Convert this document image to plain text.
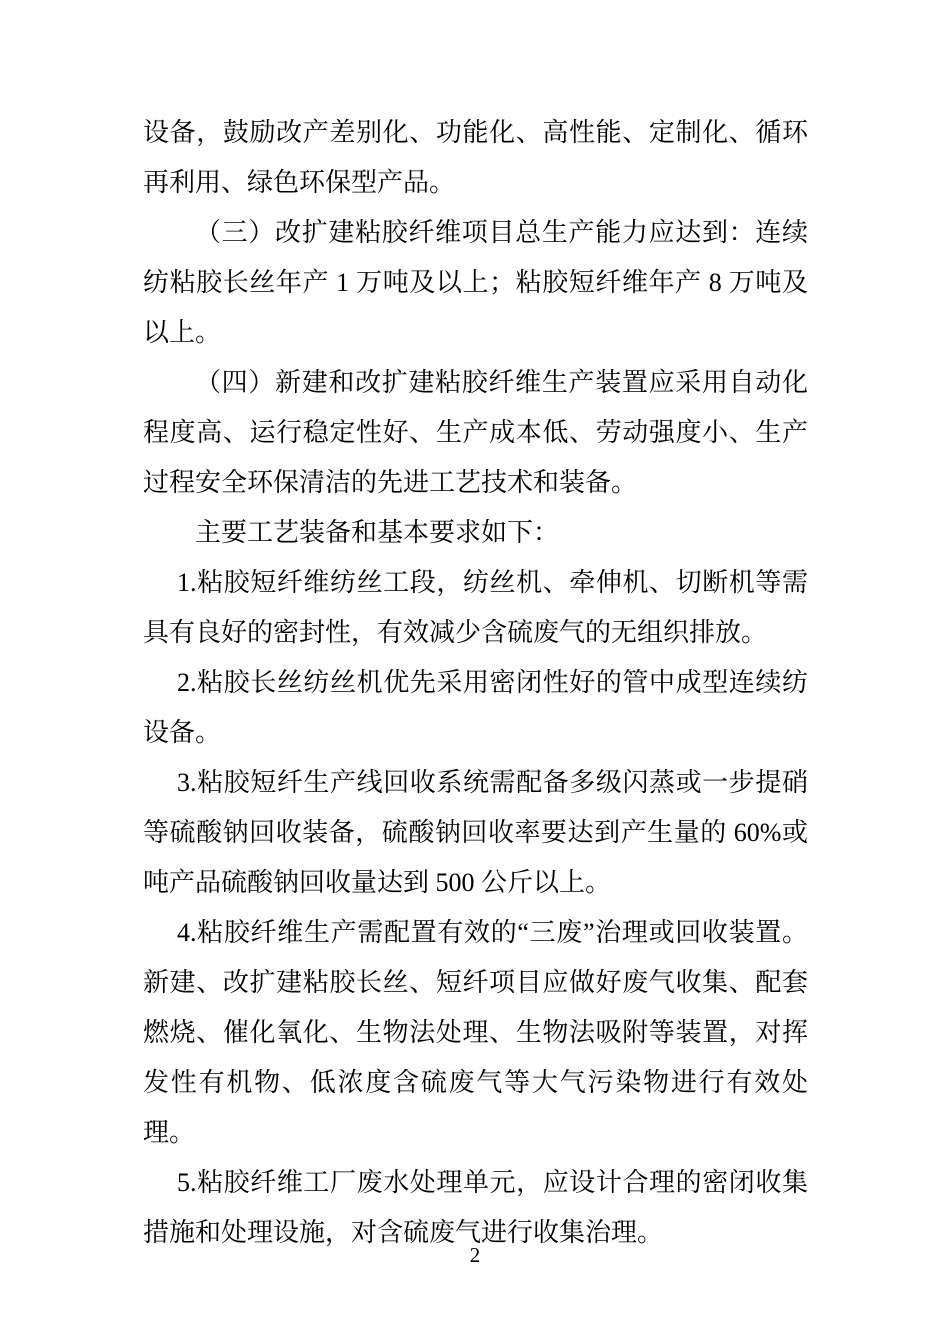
设备，鼓励改产差别化、功能化、高性能、定制化、循环再利用、绿色环保型产品。

（三）改扩建粘胶纤维项目总生产能力应达到：连续纺粘胶长丝年产 1 万吨及以上；粘胶短纤维年产 8 万吨及以上。

（四）新建和改扩建粘胶纤维生产装置应采用自动化程度高、运行稳定性好、生产成本低、劳动强度小、生产过程安全环保清洁的先进工艺技术和装备。

主要工艺装备和基本要求如下：

1.粘胶短纤维纺丝工段，纺丝机、牵伸机、切断机等需具有良好的密封性，有效减少含硫废气的无组织排放。

2.粘胶长丝纺丝机优先采用密闭性好的管中成型连续纺设备。

3.粘胶短纤生产线回收系统需配备多级闪蒸或一步提硝等硫酸钠回收装备，硫酸钠回收率要达到产生量的 60%或吨产品硫酸钠回收量达到 500 公斤以上。

4.粘胶纤维生产需配置有效的“三废”治理或回收装置。新建、改扩建粘胶长丝、短纤项目应做好废气收集、配套燃烧、催化氧化、生物法处理、生物法吸附等装置，对挥发性有机物、低浓度含硫废气等大气污染物进行有效处理。

5.粘胶纤维工厂废水处理单元，应设计合理的密闭收集措施和处理设施，对含硫废气进行收集治理。

2
